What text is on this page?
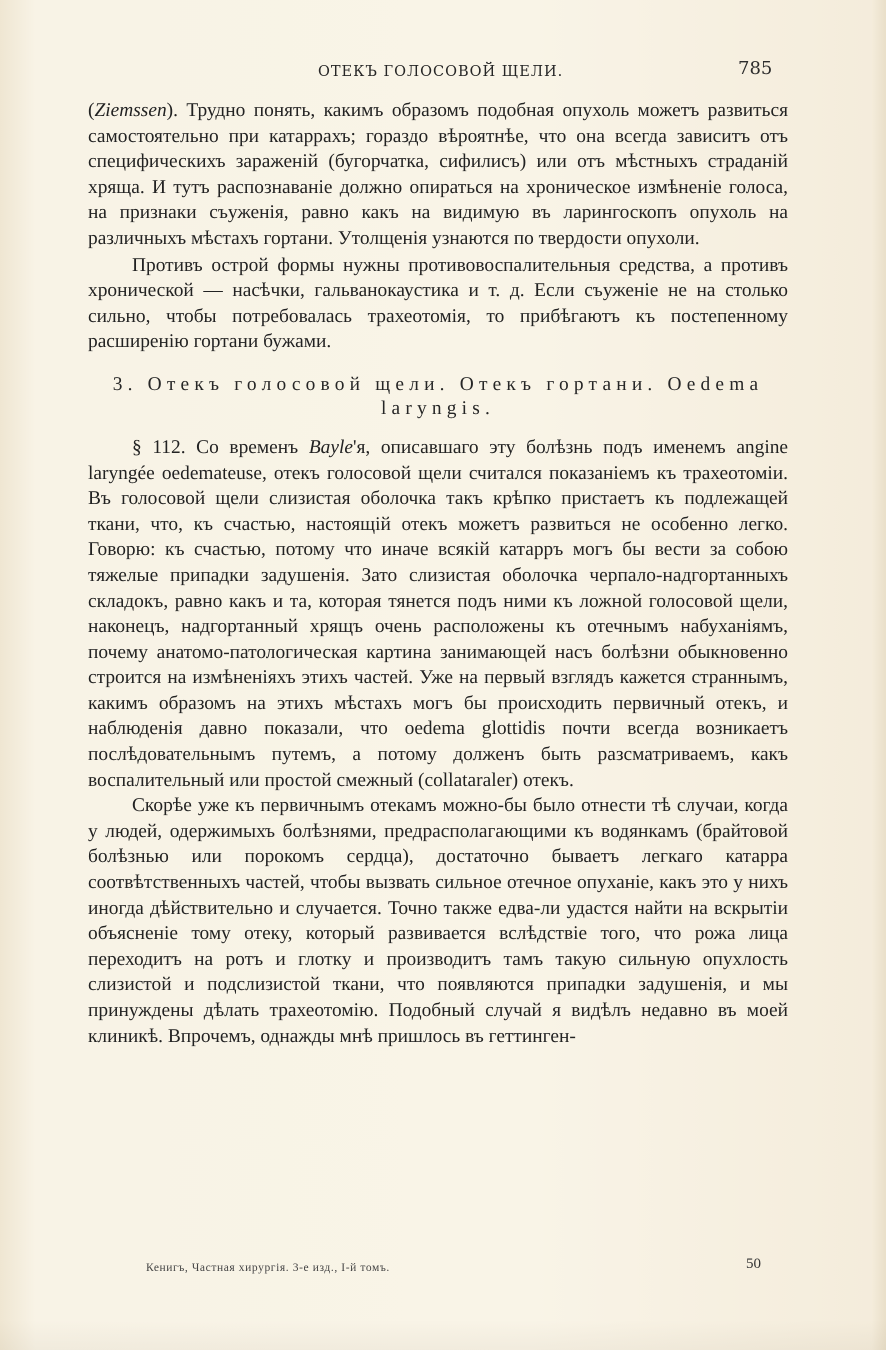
ОТЕКЪ ГОЛОСОВОЙ ЩЕЛИ.	785

(Ziemssen). Трудно понять, какимъ образомъ подобная опухоль можетъ развиться самостоятельно при катаррахъ; гораздо вѣроятнѣе, что она всегда зависитъ отъ специфическихъ зараженій (бугорчатка, сифилисъ) или отъ мѣстныхъ страданій хряща. И тутъ распознаваніе должно опираться на хроническое измѣненіе голоса, на признаки съуженія, равно какъ на видимую въ ларингоскопъ опухоль на различныхъ мѣстахъ гортани. Утолщенія узнаются по твердости опухоли.

Противъ острой формы нужны противовоспалительныя средства, а противъ хронической — насѣчки, гальванокаустика и т. д. Если съуженіе не на столько сильно, чтобы потребовалась трахеотомія, то прибѣгаютъ къ постепенному расширенію гортани бужами.

3. Отекъ голосовой щели. Отекъ гортани. Oedema
laryngis.

§ 112. Со временъ Bayle'я, описавшаго эту болѣзнь подъ именемъ angine laryngée oedemateuse, отекъ голосовой щели считался показаніемъ къ трахеотоміи. Въ голосовой щели слизистая оболочка такъ крѣпко пристаетъ къ подлежащей ткани, что, къ счастью, настоящій отекъ можетъ развиться не особенно легко. Говорю: къ счастью, потому что иначе всякій катарръ могъ бы вести за собою тяжелые припадки задушенія. Зато слизистая оболочка черпало-надгортанныхъ складокъ, равно какъ и та, которая тянется подъ ними къ ложной голосовой щели, наконецъ, надгортанный хрящъ очень расположены къ отечнымъ набуханіямъ, почему анатомо-патологическая картина занимающей насъ болѣзни обыкновенно строится на измѣненіяхъ этихъ частей. Уже на первый взглядъ кажется страннымъ, какимъ образомъ на этихъ мѣстахъ могъ бы происходить первичный отекъ, и наблюденія давно показали, что oedema glottidis почти всегда возникаетъ послѣдовательнымъ путемъ, а потому долженъ быть разсматриваемъ, какъ воспалительный или простой смежный (collataraler) отекъ.

Скорѣе уже къ первичнымъ отекамъ можно-бы было отнести тѣ случаи, когда у людей, одержимыхъ болѣзнями, предрасполагающими къ водянкамъ (брайтовой болѣзнью или порокомъ сердца), достаточно бываетъ легкаго катарра соотвѣтственныхъ частей, чтобы вызвать сильное отечное опуханіе, какъ это у нихъ иногда дѣйствительно и случается. Точно также едва-ли удастся найти на вскрытіи объясненіе тому отеку, который развивается вслѣдствіе того, что рожа лица переходитъ на ротъ и глотку и производитъ тамъ такую сильную опухлость слизистой и подслизистой ткани, что появляются припадки задушенія, и мы принуждены дѣлать трахеотомію. Подобный случай я видѣлъ недавно въ моей клиникѣ. Впрочемъ, однажды мнѣ пришлось въ геттинген-

Кенигъ, Частная хирургія. 3-е изд., I-й томъ.	50
